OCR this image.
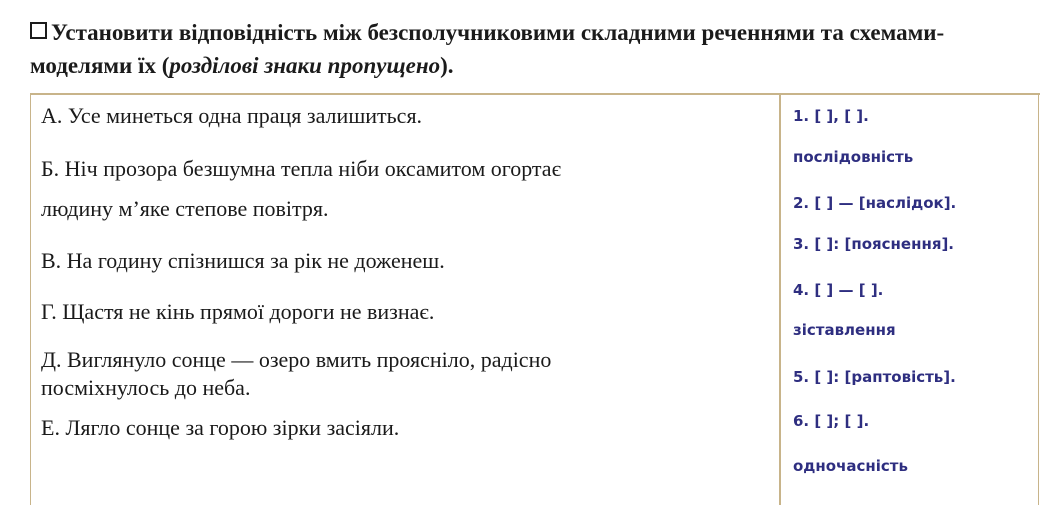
Установити відповідність між безсполучниковими складними реченнями та схемами-моделями їх (розділові знаки пропущено).
А. Усе минеться одна праця залишиться.
Б. Ніч прозора безшумна тепла ніби оксамитом огортає
людину м’яке степове повітря.
В. На годину спізнишся за рік не доженеш.
Г. Щастя не кінь прямої дороги не визнає.
Д. Виглянуло сонце — озеро вмить прояснiло, радісно
посміхнулось до неба.
Е. Лягло сонце за горою зірки засіяли.
1. [ ], [ ].
послідовність
2. [ ] — [наслідок].
3. [ ]: [пояснення].
4. [ ] — [ ].
зіставлення
5. [ ]: [раптовість].
6. [ ]; [ ].
одночасність
